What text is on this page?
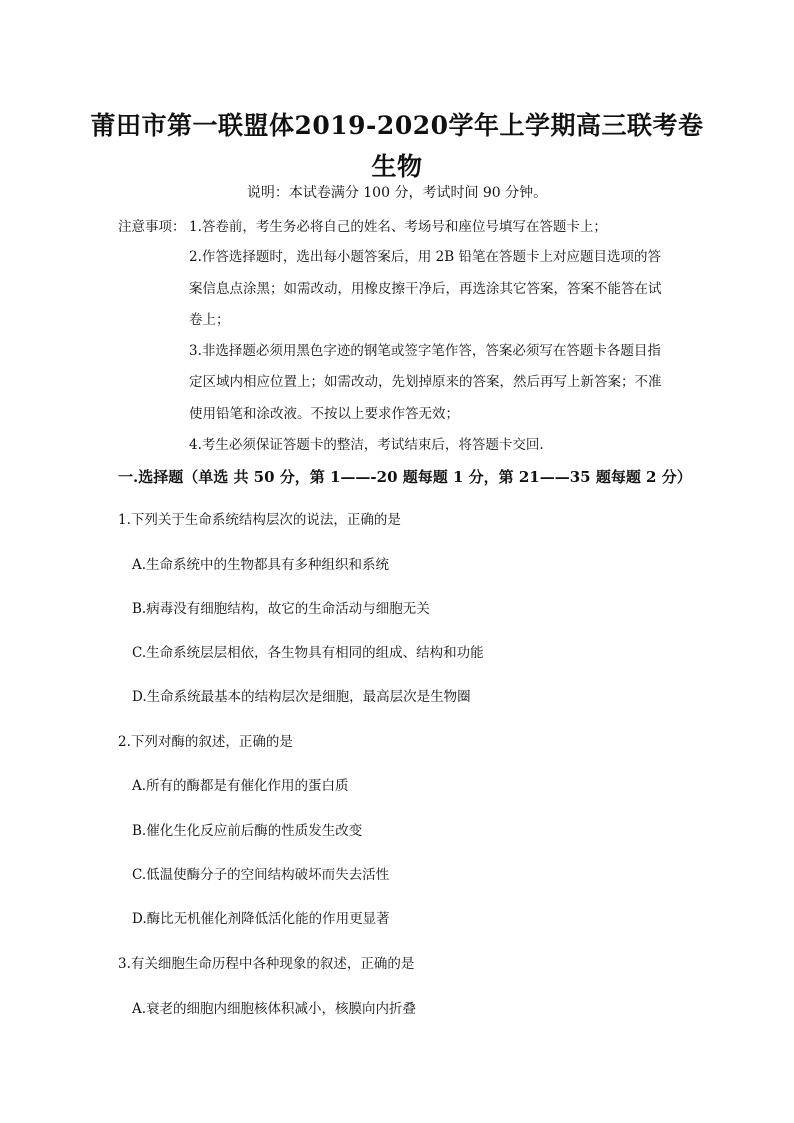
莆田市第一联盟体2019-2020学年上学期高三联考卷
生物
说明：本试卷满分 100 分，考试时间 90 分钟。
注意事项： 1.答卷前，考生务必将自己的姓名、考场号和座位号填写在答题卡上；
2.作答选择题时，选出每小题答案后，用 2B 铅笔在答题卡上对应题目选项的答
案信息点涂黑；如需改动，用橡皮擦干净后，再选涂其它答案，答案不能答在试
卷上；
3.非选择题必须用黑色字迹的钢笔或签字笔作答，答案必须写在答题卡各题目指
定区域内相应位置上；如需改动，先划掉原来的答案，然后再写上新答案；不准
使用铅笔和涂改液。不按以上要求作答无效；
4.考生必须保证答题卡的整洁，考试结束后，将答题卡交回.
一.选择题（单选 共 50 分，第 1——-20 题每题 1 分，第 21——35 题每题 2 分）
1.下列关于生命系统结构层次的说法，正确的是
A.生命系统中的生物都具有多种组织和系统
B.病毒没有细胞结构，故它的生命活动与细胞无关
C.生命系统层层相依，各生物具有相同的组成、结构和功能
D.生命系统最基本的结构层次是细胞，最高层次是生物圈
2.下列对酶的叙述，正确的是
A.所有的酶都是有催化作用的蛋白质
B.催化生化反应前后酶的性质发生改变
C.低温使酶分子的空间结构破坏而失去活性
D.酶比无机催化剂降低活化能的作用更显著
3.有关细胞生命历程中各种现象的叙述，正确的是
A.衰老的细胞内细胞核体积减小，核膜向内折叠
